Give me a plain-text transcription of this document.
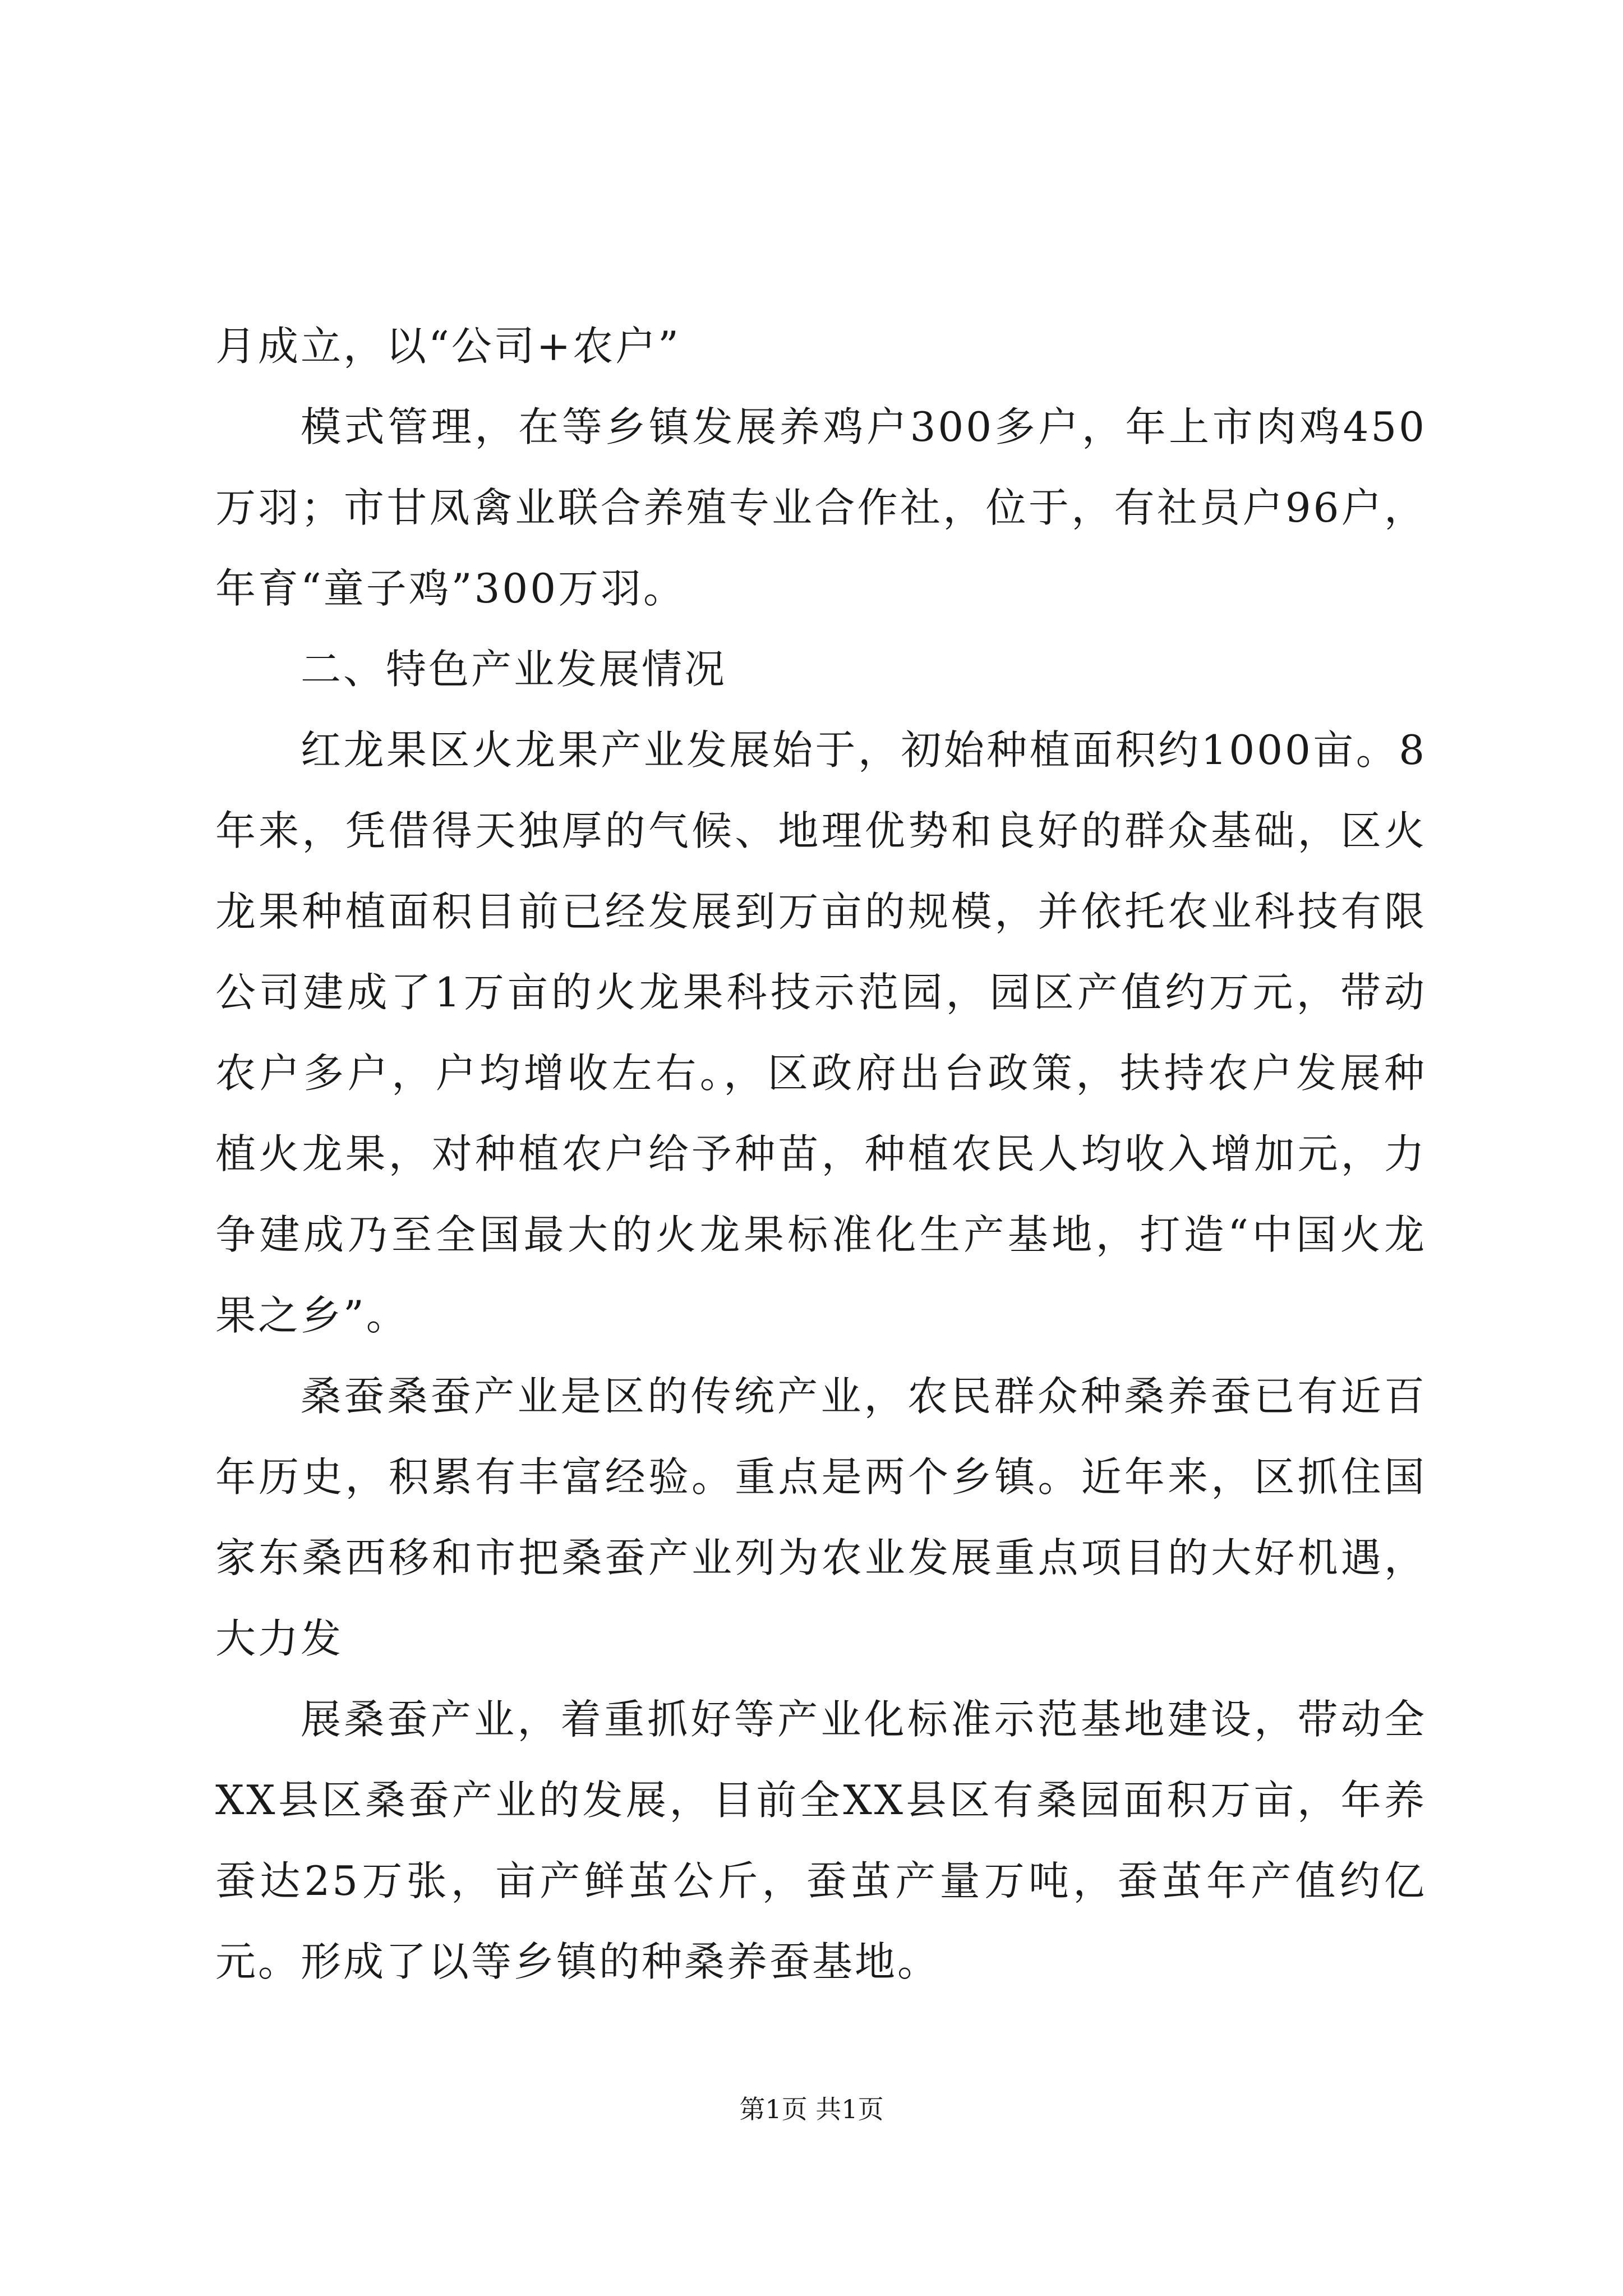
月成立，以“公司+农户”

模式管理，在等乡镇发展养鸡户300多户，年上市肉鸡450万羽；市甘凤禽业联合养殖专业合作社，位于，有社员户96户，年育“童子鸡”300万羽。

二、特色产业发展情况

红龙果区火龙果产业发展始于，初始种植面积约1000亩。8年来，凭借得天独厚的气候、地理优势和良好的群众基础，区火龙果种植面积目前已经发展到万亩的规模，并依托农业科技有限公司建成了1万亩的火龙果科技示范园，园区产值约万元，带动农户多户，户均增收左右。，区政府出台政策，扶持农户发展种植火龙果，对种植农户给予种苗，种植农民人均收入增加元，力争建成乃至全国最大的火龙果标准化生产基地，打造“中国火龙果之乡”。

桑蚕桑蚕产业是区的传统产业，农民群众种桑养蚕已有近百年历史，积累有丰富经验。重点是两个乡镇。近年来，区抓住国家东桑西移和市把桑蚕产业列为农业发展重点项目的大好机遇，大力发

展桑蚕产业，着重抓好等产业化标准示范基地建设，带动全XX县区桑蚕产业的发展，目前全XX县区有桑园面积万亩，年养蚕达25万张，亩产鲜茧公斤，蚕茧产量万吨，蚕茧年产值约亿元。形成了以等乡镇的种桑养蚕基地。

第1页 共1页
